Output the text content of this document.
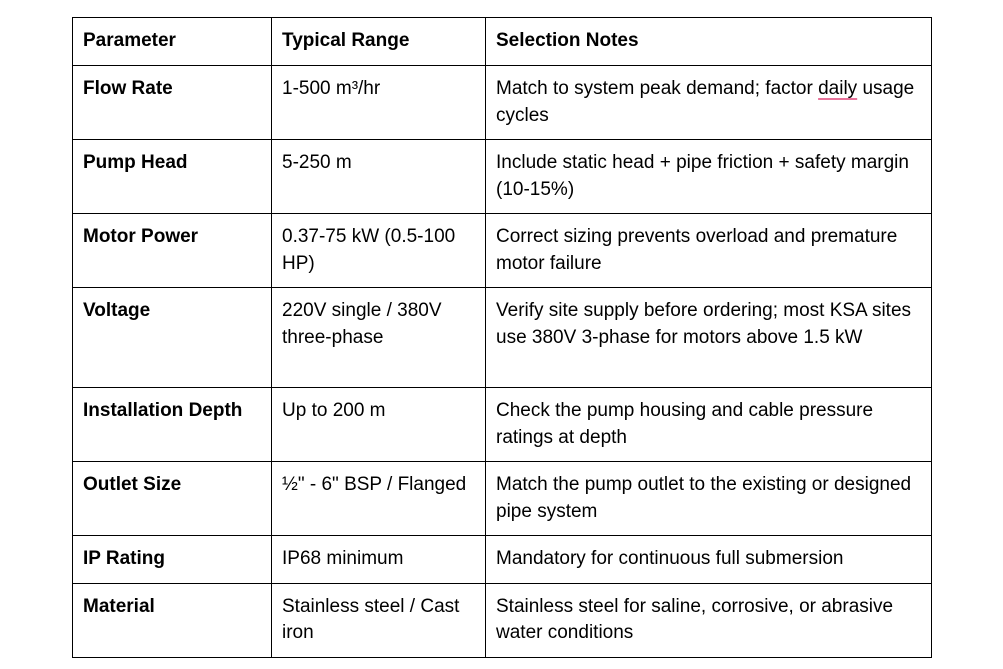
Parameter	Typical Range	Selection Notes
Flow Rate	1-500 m³/hr	Match to system peak demand; factor daily usage cycles
Pump Head	5-250 m	Include static head + pipe friction + safety margin (10-15%)
Motor Power	0.37-75 kW (0.5-100 HP)	Correct sizing prevents overload and premature motor failure
Voltage	220V single / 380V three-phase	Verify site supply before ordering; most KSA sites use 380V 3-phase for motors above 1.5 kW
Installation Depth	Up to 200 m	Check the pump housing and cable pressure ratings at depth
Outlet Size	½" - 6" BSP / Flanged	Match the pump outlet to the existing or designed pipe system
IP Rating	IP68 minimum	Mandatory for continuous full submersion
Material	Stainless steel / Cast iron	Stainless steel for saline, corrosive, or abrasive water conditions
